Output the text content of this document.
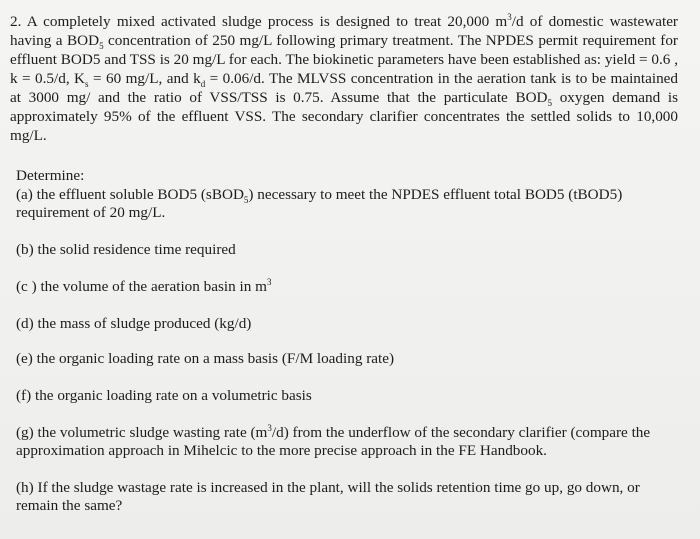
2. A completely mixed activated sludge process is designed to treat 20,000 $m^3/d$ of domestic wastewater having a $BOD_5$ concentration of 250 mg/L following primary treatment. The NPDES permit requirement for effluent BOD5 and TSS is 20 mg/L for each. The biokinetic parameters have been established as: yield = 0.6 , k = 0.5/d, $K_s = 60$ mg/L, and $k_d = 0.06/d$. The MLVSS concentration in the aeration tank is to be maintained at 3000 mg/ and the ratio of VSS/TSS is 0.75. Assume that the particulate $BOD_5$ oxygen demand is approximately 95% of the effluent VSS. The secondary clarifier concentrates the settled solids to 10,000 mg/L.
Determine:
(a) the effluent soluble BOD5 (sBOD$_5$) necessary to meet the NPDES effluent total BOD5 (tBOD5) requirement of 20 mg/L.
(b) the solid residence time required
(c ) the volume of the aeration basin in $m^3$
(d) the mass of sludge produced (kg/d)
(e) the organic loading rate on a mass basis (F/M loading rate)
(f) the organic loading rate on a volumetric basis
(g) the volumetric sludge wasting rate $(m^3/d)$ from the underflow of the secondary clarifier (compare the approximation approach in Mihelcic to the more precise approach in the FE Handbook.
(h) If the sludge wastage rate is increased in the plant, will the solids retention time go up, go down, or remain the same?
